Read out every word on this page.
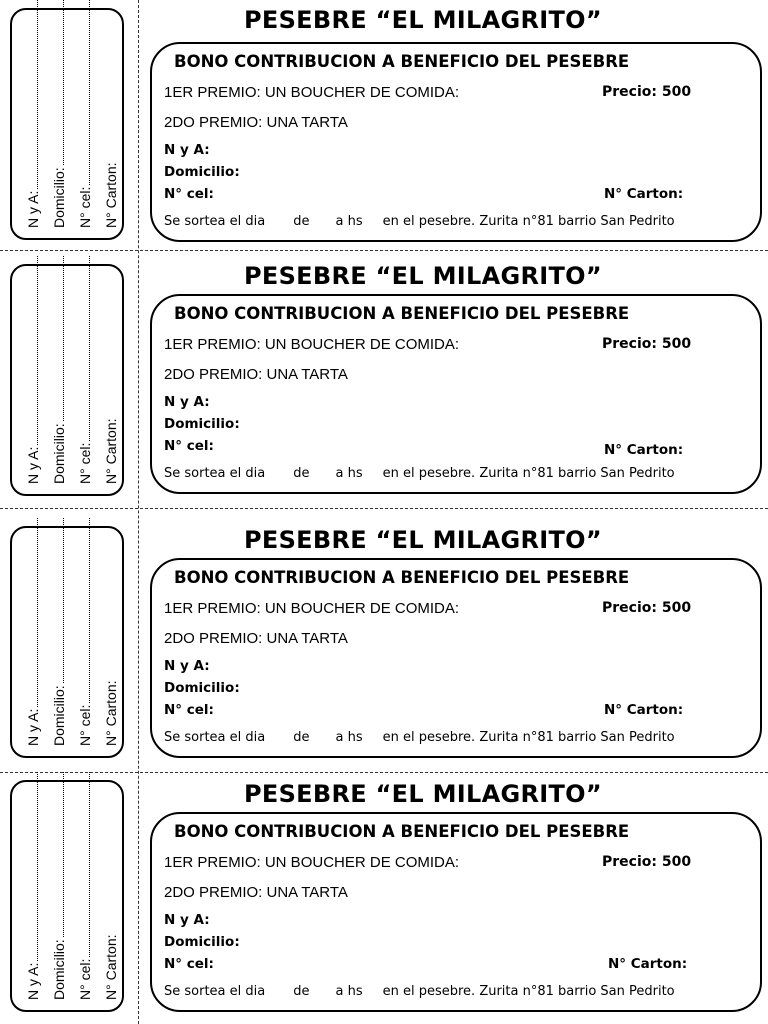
N y A: Domicilio: N° cel: N° Carton:
PESEBRE “EL MILAGRITO”
BONO CONTRIBUCION A BENEFICIO DEL PESEBRE
1ER PREMIO: UN BOUCHER DE COMIDA:	Precio: 500
2DO PREMIO: UNA TARTA
N y A:
Domicilio:
N° cel:	N° Carton:
Se sortea el dia de a hs en el pesebre. Zurita n°81 barrio San Pedrito
N y A: Domicilio: N° cel: N° Carton:
PESEBRE “EL MILAGRITO”
BONO CONTRIBUCION A BENEFICIO DEL PESEBRE
1ER PREMIO: UN BOUCHER DE COMIDA:	Precio: 500
2DO PREMIO: UNA TARTA
N y A:
Domicilio:
N° cel:	N° Carton:
Se sortea el dia de a hs en el pesebre. Zurita n°81 barrio San Pedrito
N y A: Domicilio: N° cel: N° Carton:
PESEBRE “EL MILAGRITO”
BONO CONTRIBUCION A BENEFICIO DEL PESEBRE
1ER PREMIO: UN BOUCHER DE COMIDA:	Precio: 500
2DO PREMIO: UNA TARTA
N y A:
Domicilio:
N° cel:	N° Carton:
Se sortea el dia de a hs en el pesebre. Zurita n°81 barrio San Pedrito
N y A: Domicilio: N° cel: N° Carton:
PESEBRE “EL MILAGRITO”
BONO CONTRIBUCION A BENEFICIO DEL PESEBRE
1ER PREMIO: UN BOUCHER DE COMIDA:	Precio: 500
2DO PREMIO: UNA TARTA
N y A:
Domicilio:
N° cel:	N° Carton:
Se sortea el dia de a hs en el pesebre. Zurita n°81 barrio San Pedrito
